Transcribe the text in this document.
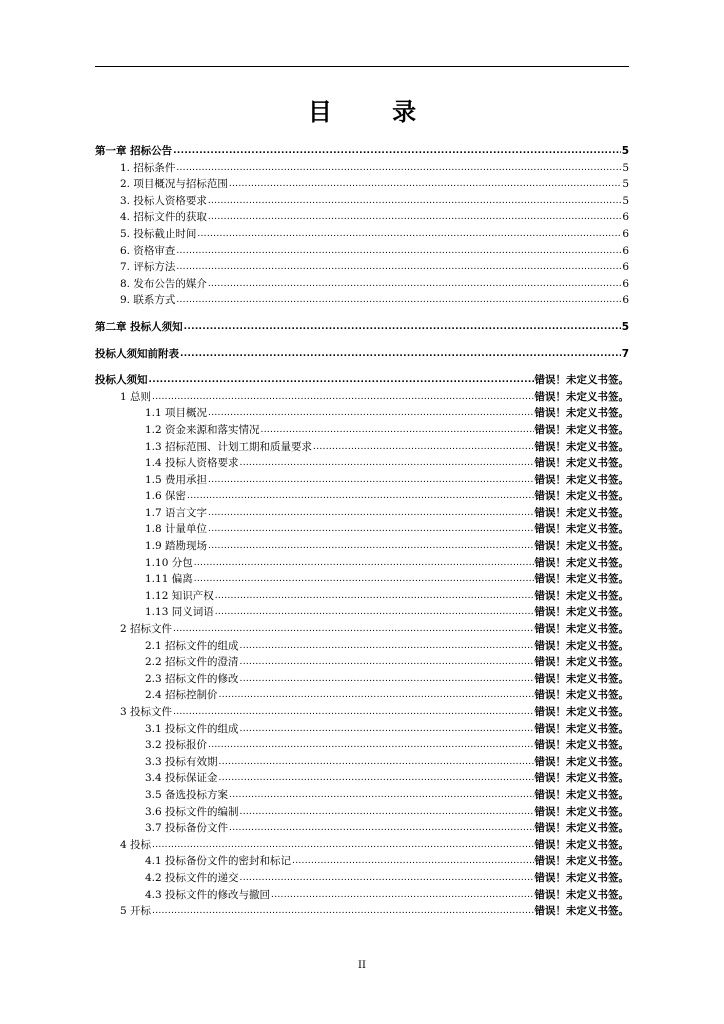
目 录
第一章 招标公告 .....	5
1. 招标条件 .....	5
2. 项目概况与招标范围 .....	5
3. 投标人资格要求 .....	5
4. 招标文件的获取 .....	6
5. 投标截止时间 .....	6
6. 资格审查 .....	6
7. 评标方法 .....	6
8. 发布公告的媒介 .....	6
9. 联系方式 .....	6
第二章 投标人须知 .....	5
投标人须知前附表 .....	7
投标人须知 .....	错误！未定义书签。
1 总则 .....	错误！未定义书签。
1.1 项目概况 .....	错误！未定义书签。
1.2 资金来源和落实情况 .....	错误！未定义书签。
1.3 招标范围、计划工期和质量要求 .....	错误！未定义书签。
1.4 投标人资格要求 .....	错误！未定义书签。
1.5 费用承担 .....	错误！未定义书签。
1.6 保密 .....	错误！未定义书签。
1.7 语言文字 .....	错误！未定义书签。
1.8 计量单位 .....	错误！未定义书签。
1.9 踏勘现场 .....	错误！未定义书签。
1.10 分包 .....	错误！未定义书签。
1.11 偏离 .....	错误！未定义书签。
1.12 知识产权 .....	错误！未定义书签。
1.13 同义词语 .....	错误！未定义书签。
2 招标文件 .....	错误！未定义书签。
2.1 招标文件的组成 .....	错误！未定义书签。
2.2 招标文件的澄清 .....	错误！未定义书签。
2.3 招标文件的修改 .....	错误！未定义书签。
2.4 招标控制价 .....	错误！未定义书签。
3 投标文件 .....	错误！未定义书签。
3.1 投标文件的组成 .....	错误！未定义书签。
3.2 投标报价 .....	错误！未定义书签。
3.3 投标有效期 .....	错误！未定义书签。
3.4 投标保证金 .....	错误！未定义书签。
3.5 备选投标方案 .....	错误！未定义书签。
3.6 投标文件的编制 .....	错误！未定义书签。
3.7 投标备份文件 .....	错误！未定义书签。
4 投标 .....	错误！未定义书签。
4.1 投标备份文件的密封和标记 .....	错误！未定义书签。
4.2 投标文件的递交 .....	错误！未定义书签。
4.3 投标文件的修改与撤回 .....	错误！未定义书签。
5 开标 .....	错误！未定义书签。
II
